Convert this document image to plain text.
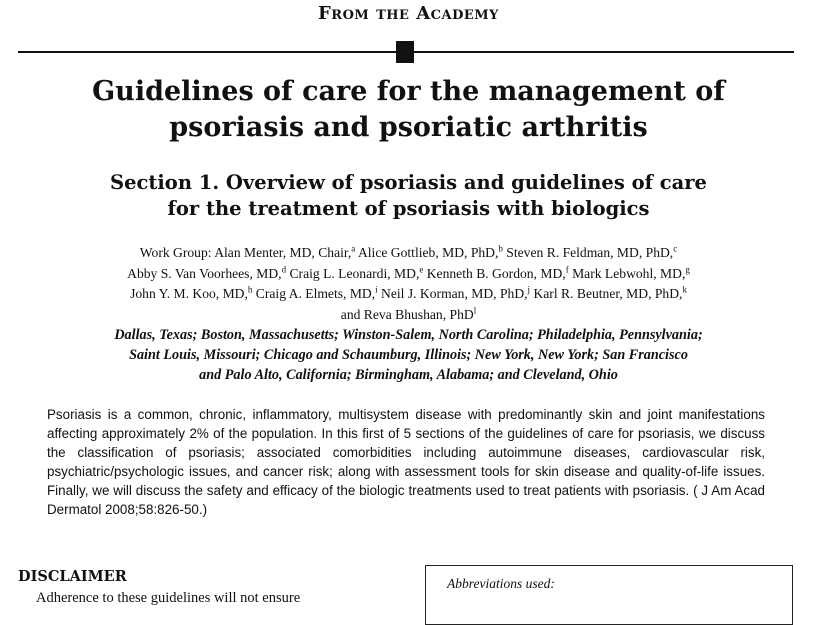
From the Academy
Guidelines of care for the management of
psoriasis and psoriatic arthritis
Section 1. Overview of psoriasis and guidelines of care
for the treatment of psoriasis with biologics
Work Group: Alan Menter, MD, Chair,$^a$ Alice Gottlieb, MD, PhD,$^b$ Steven R. Feldman, MD, PhD,$^c$
Abby S. Van Voorhees, MD,$^d$ Craig L. Leonardi, MD,$^e$ Kenneth B. Gordon, MD,$^f$ Mark Lebwohl, MD,$^g$
John Y. M. Koo, MD,$^h$ Craig A. Elmets, MD,$^i$ Neil J. Korman, MD, PhD,$^j$ Karl R. Beutner, MD, PhD,$^k$
and Reva Bhushan, PhD$^l$
Dallas, Texas; Boston, Massachusetts; Winston-Salem, North Carolina; Philadelphia, Pennsylvania;
Saint Louis, Missouri; Chicago and Schaumburg, Illinois; New York, New York; San Francisco
and Palo Alto, California; Birmingham, Alabama; and Cleveland, Ohio
Psoriasis is a common, chronic, inflammatory, multisystem disease with predominantly skin and joint manifestations affecting approximately 2% of the population. In this first of 5 sections of the guidelines of care for psoriasis, we discuss the classification of psoriasis; associated comorbidities including autoimmune diseases, cardiovascular risk, psychiatric/psychologic issues, and cancer risk; along with assessment tools for skin disease and quality-of-life issues. Finally, we will discuss the safety and efficacy of the biologic treatments used to treat patients with psoriasis. ( J Am Acad Dermatol 2008;58:826-50.)
DISCLAIMER
Adherence to these guidelines will not ensure
Abbreviations used:
